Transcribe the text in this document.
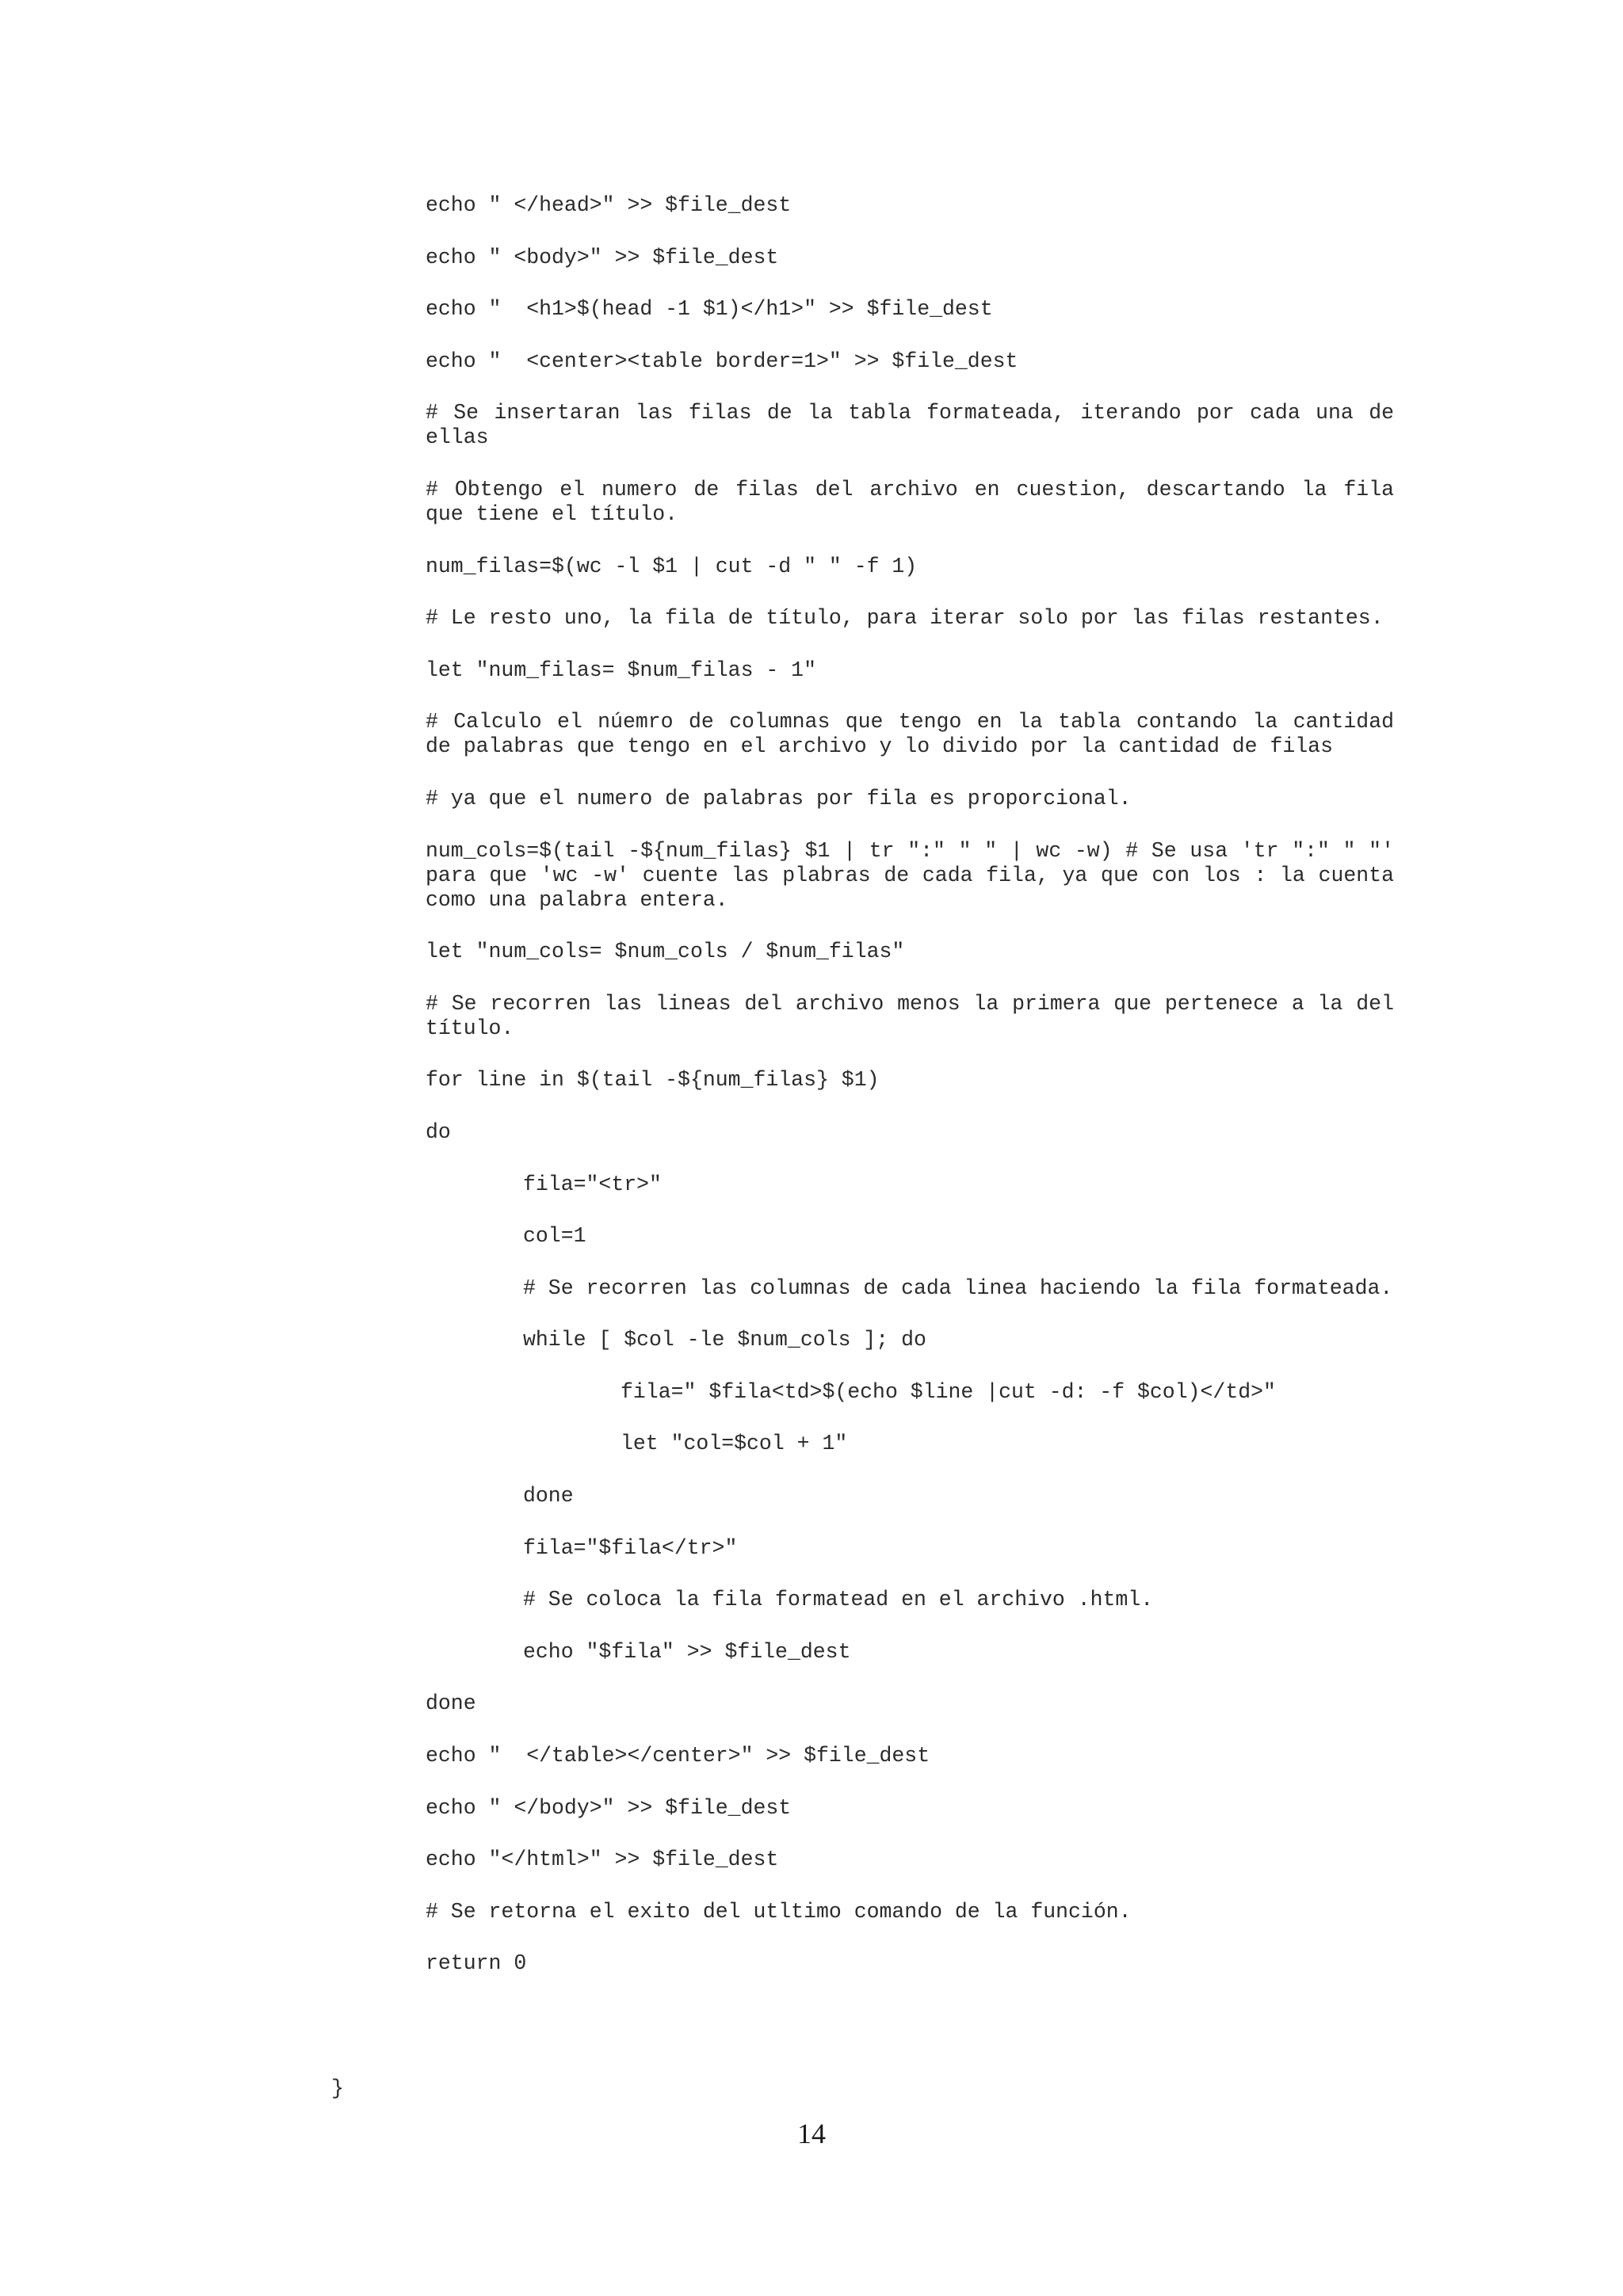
echo " </head>" >> $file_dest
echo " <body>" >> $file_dest
echo "  <h1>$(head -1 $1)</h1>" >> $file_dest
echo "  <center><table border=1>" >> $file_dest
# Se insertaran las filas de la tabla formateada, iterando por cada una de ellas
# Obtengo el numero de filas del archivo en cuestion, descartando la fila que tiene el título.
num_filas=$(wc -l $1 | cut -d " " -f 1)
# Le resto uno, la fila de título, para iterar solo por las filas restantes.
let "num_filas= $num_filas - 1"
# Calculo el núemro de columnas que tengo en la tabla contando la cantidad de palabras que tengo en el archivo y lo divido por la cantidad de filas
# ya que el numero de palabras por fila es proporcional.
num_cols=$(tail -${num_filas} $1 | tr ":" " " | wc -w) # Se usa 'tr ":" " "' para que 'wc -w' cuente las plabras de cada fila, ya que con los : la cuenta como una palabra entera.
let "num_cols= $num_cols / $num_filas"
# Se recorren las lineas del archivo menos la primera que pertenece a la del título.
for line in $(tail -${num_filas} $1)
do
fila="<tr>"
col=1
# Se recorren las columnas de cada linea haciendo la fila formateada.
while [ $col -le $num_cols ]; do
fila=" $fila<td>$(echo $line |cut -d: -f $col)</td>"
let "col=$col + 1"
done
fila="$fila</tr>"
# Se coloca la fila formatead en el archivo .html.
echo "$fila" >> $file_dest
done
echo "  </table></center>" >> $file_dest
echo " </body>" >> $file_dest
echo "</html>" >> $file_dest
# Se retorna el exito del utltimo comando de la función.
return 0
}
14
